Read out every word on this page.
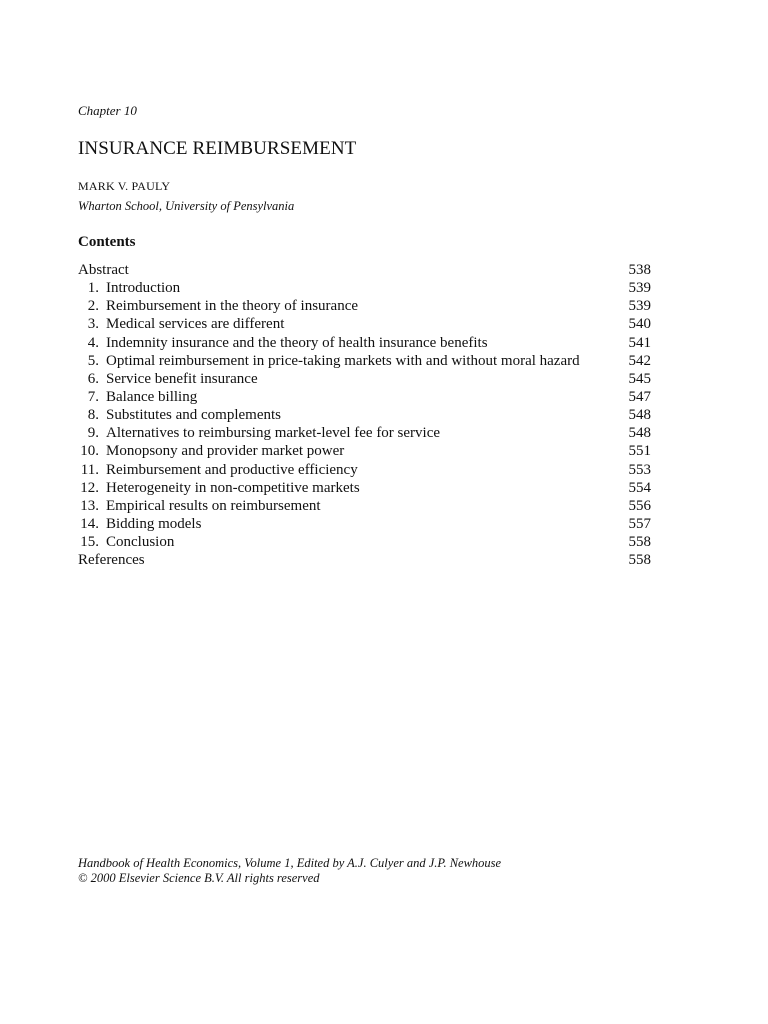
Chapter 10
INSURANCE REIMBURSEMENT
MARK V. PAULY
Wharton School, University of Pensylvania
Contents
Abstract	538
1. Introduction	539
2. Reimbursement in the theory of insurance	539
3. Medical services are different	540
4. Indemnity insurance and the theory of health insurance benefits	541
5. Optimal reimbursement in price-taking markets with and without moral hazard	542
6. Service benefit insurance	545
7. Balance billing	547
8. Substitutes and complements	548
9. Alternatives to reimbursing market-level fee for service	548
10. Monopsony and provider market power	551
11. Reimbursement and productive efficiency	553
12. Heterogeneity in non-competitive markets	554
13. Empirical results on reimbursement	556
14. Bidding models	557
15. Conclusion	558
References	558
Handbook of Health Economics, Volume 1, Edited by A.J. Culyer and J.P. Newhouse
© 2000 Elsevier Science B.V. All rights reserved
